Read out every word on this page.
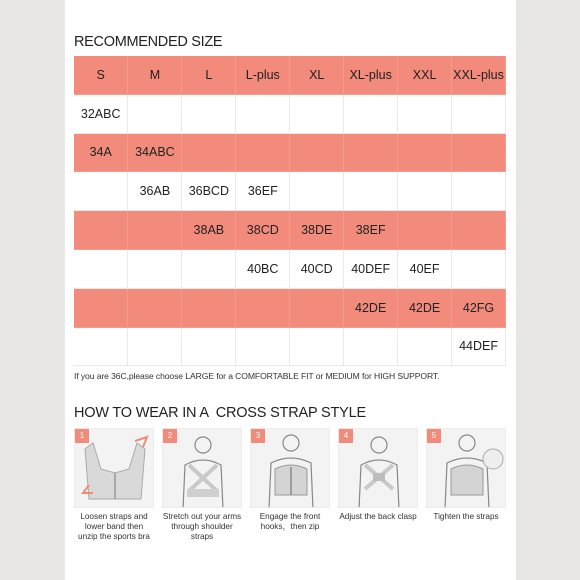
RECOMMENDED SIZE
S	M	L	L-plus	XL	XL-plus	XXL	XXL-plus
32ABC							
34A	34ABC						
	36AB	36BCD	36EF				
		38AB	38CD	38DE	38EF		
			40BC	40CD	40DEF	40EF	
					42DE	42DE	42FG
							44DEF
If you are 36C,please choose LARGE for a COMFORTABLE FIT or MEDIUM for HIGH SUPPORT.
HOW TO WEAR IN A  CROSS STRAP STYLE
1
Loosen straps and lower band then unzip the sports bra
2
Stretch out your arms through shoulder straps
3
Engage the front hooks，then zip
4
Adjust the back clasp
5
Tighten the straps
